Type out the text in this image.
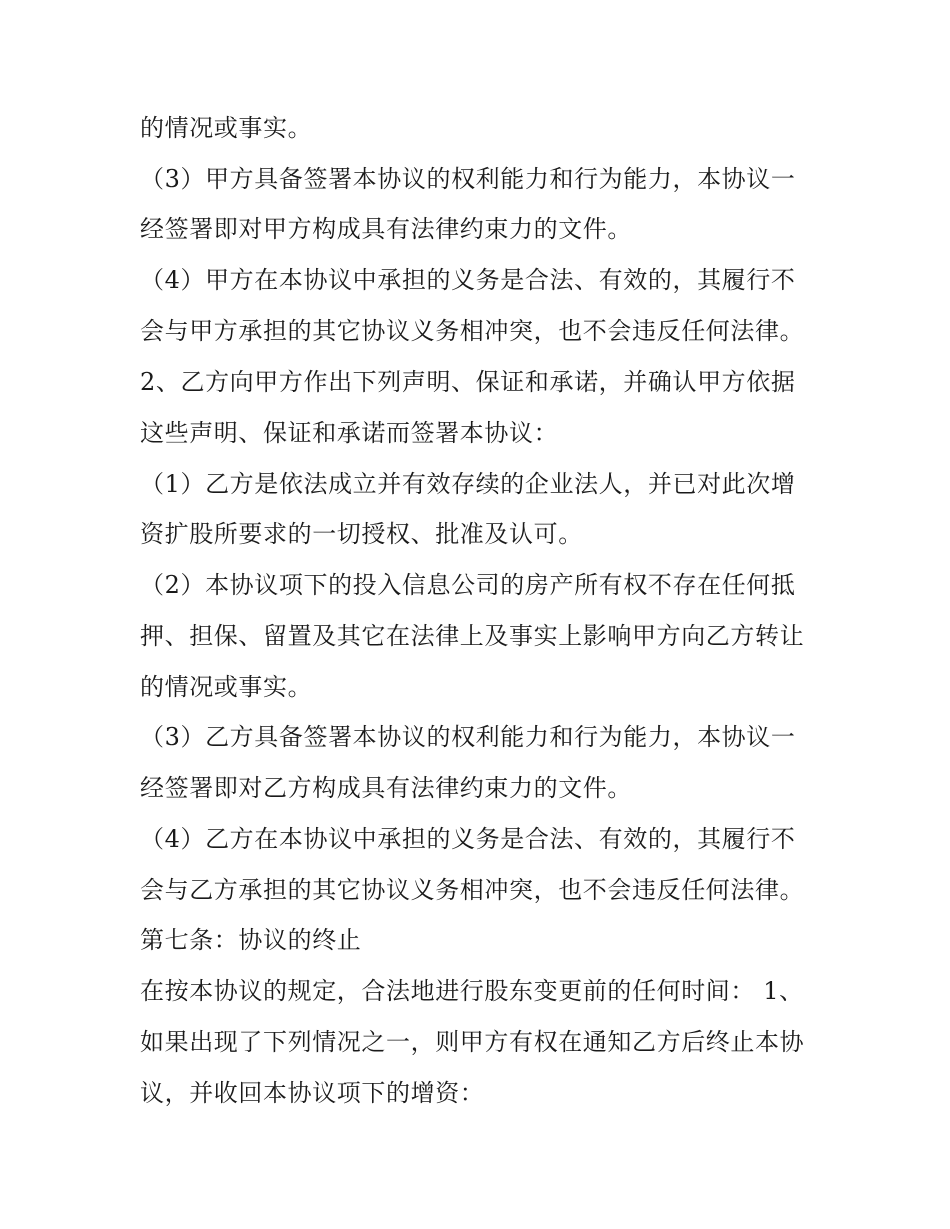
的情况或事实。
（3）甲方具备签署本协议的权利能力和行为能力，本协议一
经签署即对甲方构成具有法律约束力的文件。
（4）甲方在本协议中承担的义务是合法、有效的，其履行不
会与甲方承担的其它协议义务相冲突，也不会违反任何法律。
2、乙方向甲方作出下列声明、保证和承诺，并确认甲方依据
这些声明、保证和承诺而签署本协议：
（1）乙方是依法成立并有效存续的企业法人，并已对此次增
资扩股所要求的一切授权、批准及认可。
（2）本协议项下的投入信息公司的房产所有权不存在任何抵
押、担保、留置及其它在法律上及事实上影响甲方向乙方转让
的情况或事实。
（3）乙方具备签署本协议的权利能力和行为能力，本协议一
经签署即对乙方构成具有法律约束力的文件。
（4）乙方在本协议中承担的义务是合法、有效的，其履行不
会与乙方承担的其它协议义务相冲突，也不会违反任何法律。
第七条：协议的终止
在按本协议的规定，合法地进行股东变更前的任何时间： 1、
如果出现了下列情况之一，则甲方有权在通知乙方后终止本协
议，并收回本协议项下的增资：
